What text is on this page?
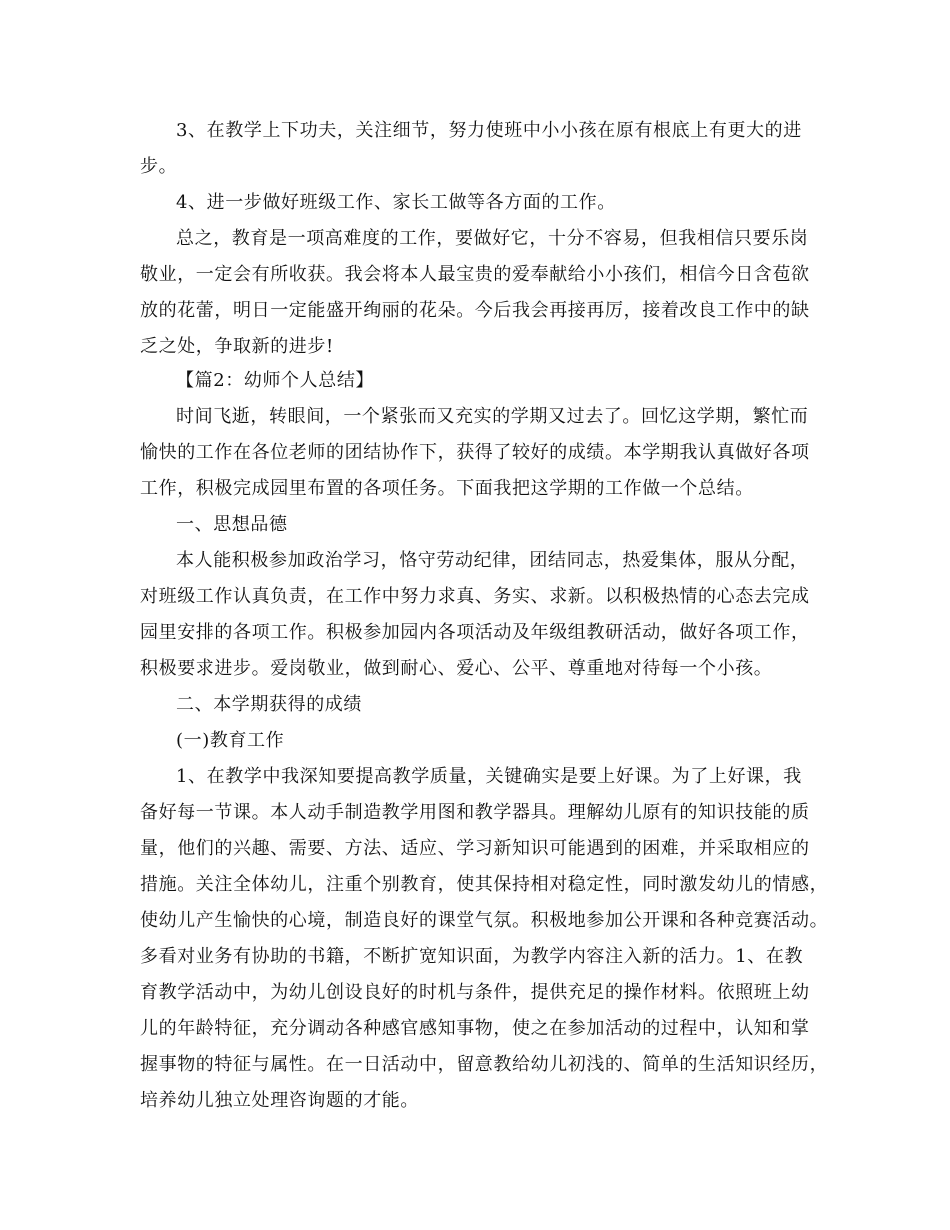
3、在教学上下功夫，关注细节，努力使班中小小孩在原有根底上有更大的进
步。
4、进一步做好班级工作、家长工做等各方面的工作。
总之，教育是一项高难度的工作，要做好它，十分不容易，但我相信只要乐岗
敬业，一定会有所收获。我会将本人最宝贵的爱奉献给小小孩们，相信今日含苞欲
放的花蕾，明日一定能盛开绚丽的花朵。今后我会再接再厉，接着改良工作中的缺
乏之处，争取新的进步!
【篇2：幼师个人总结】
时间飞逝，转眼间，一个紧张而又充实的学期又过去了。回忆这学期，繁忙而
愉快的工作在各位老师的团结协作下，获得了较好的成绩。本学期我认真做好各项
工作，积极完成园里布置的各项任务。下面我把这学期的工作做一个总结。
一、思想品德
本人能积极参加政治学习，恪守劳动纪律，团结同志，热爱集体，服从分配，
对班级工作认真负责，在工作中努力求真、务实、求新。以积极热情的心态去完成
园里安排的各项工作。积极参加园内各项活动及年级组教研活动，做好各项工作，
积极要求进步。爱岗敬业，做到耐心、爱心、公平、尊重地对待每一个小孩。
二、本学期获得的成绩
(一)教育工作
1、在教学中我深知要提高教学质量，关键确实是要上好课。为了上好课，我
备好每一节课。本人动手制造教学用图和教学器具。理解幼儿原有的知识技能的质
量，他们的兴趣、需要、方法、适应、学习新知识可能遇到的困难，并采取相应的
措施。关注全体幼儿，注重个别教育，使其保持相对稳定性，同时激发幼儿的情感，
使幼儿产生愉快的心境，制造良好的课堂气氛。积极地参加公开课和各种竞赛活动。
多看对业务有协助的书籍，不断扩宽知识面，为教学内容注入新的活力。1、在教
育教学活动中，为幼儿创设良好的时机与条件，提供充足的操作材料。依照班上幼
儿的年龄特征，充分调动各种感官感知事物，使之在参加活动的过程中，认知和掌
握事物的特征与属性。在一日活动中，留意教给幼儿初浅的、简单的生活知识经历，
培养幼儿独立处理咨询题的才能。
